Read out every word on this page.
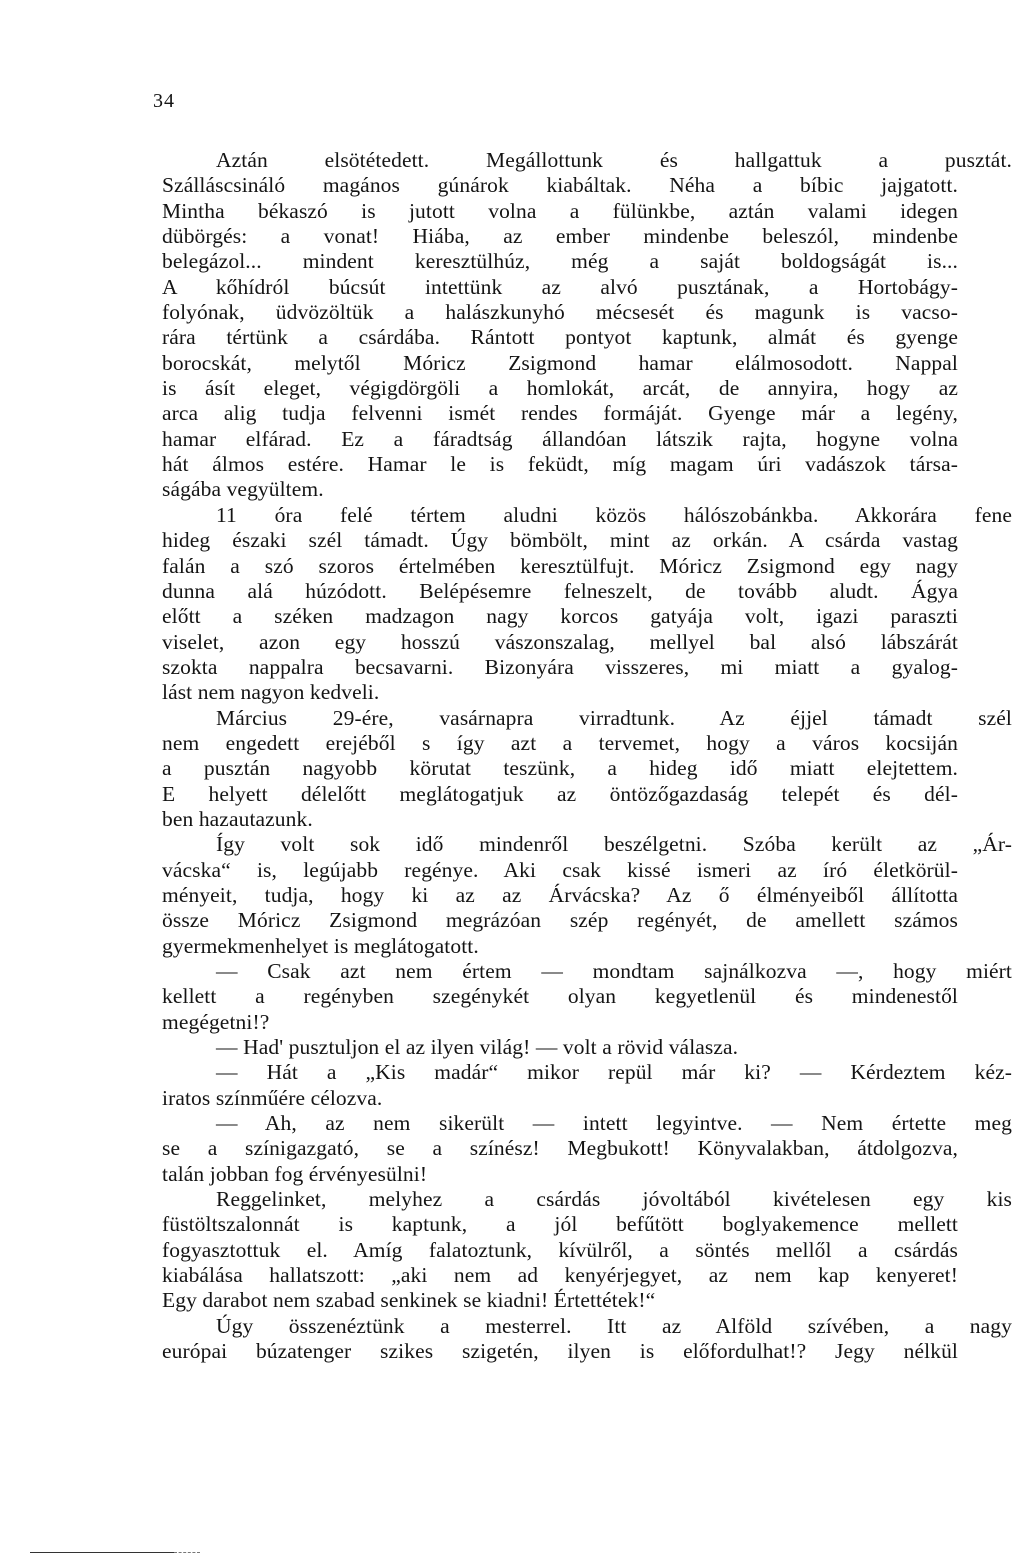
34
Aztán elsötétedett. Megállottunk és hallgattuk a pusztát.
Szálláscsináló magános gúnárok kiabáltak. Néha a bíbic jajgatott.
Mintha békaszó is jutott volna a fülünkbe, aztán valami idegen
dübörgés: a vonat! Hiába, az ember mindenbe beleszól, mindenbe
belegázol... mindent keresztülhúz, még a saját boldogságát is...
A kőhídról búcsút intettünk az alvó pusztának, a Hortobágy-
folyónak, üdvözöltük a halászkunyhó mécsesét és magunk is vacso-
rára tértünk a csárdába. Rántott pontyot kaptunk, almát és gyenge
borocskát, melytől Móricz Zsigmond hamar elálmosodott. Nappal
is ásít eleget, végigdörgöli a homlokát, arcát, de annyira, hogy az
arca alig tudja felvenni ismét rendes formáját. Gyenge már a legény,
hamar elfárad. Ez a fáradtság állandóan látszik rajta, hogyne volna
hát álmos estére. Hamar le is feküdt, míg magam úri vadászok társa-
ságába vegyültem.
11 óra felé tértem aludni közös hálószobánkba. Akkorára fene
hideg északi szél támadt. Úgy bömbölt, mint az orkán. A csárda vastag
falán a szó szoros értelmében keresztülfujt. Móricz Zsigmond egy nagy
dunna alá húzódott. Belépésemre felneszelt, de tovább aludt. Ágya
előtt a széken madzagon nagy korcos gatyája volt, igazi paraszti
viselet, azon egy hosszú vászonszalag, mellyel bal alsó lábszárát
szokta nappalra becsavarni. Bizonyára visszeres, mi miatt a gyalog-
lást nem nagyon kedveli.
Március 29-ére, vasárnapra virradtunk. Az éjjel támadt szél
nem engedett erejéből s így azt a tervemet, hogy a város kocsiján
a pusztán nagyobb körutat teszünk, a hideg idő miatt elejtettem.
E helyett délelőtt meglátogatjuk az öntözőgazdaság telepét és dél-
ben hazautazunk.
Így volt sok idő mindenről beszélgetni. Szóba került az „Ár-
vácska“ is, legújabb regénye. Aki csak kissé ismeri az író életkörül-
ményeit, tudja, hogy ki az az Árvácska? Az ő élményeiből állította
össze Móricz Zsigmond megrázóan szép regényét, de amellett számos
gyermekmenhelyet is meglátogatott.
— Csak azt nem értem — mondtam sajnálkozva —, hogy miért
kellett a regényben szegénykét olyan kegyetlenül és mindenestől
megégetni!?
— Had' pusztuljon el az ilyen világ! — volt a rövid válasza.
— Hát a „Kis madár“ mikor repül már ki? — Kérdeztem kéz-
iratos színműére célozva.
— Ah, az nem sikerült — intett legyintve. — Nem értette meg
se a színigazgató, se a színész! Megbukott! Könyvalakban, átdolgozva,
talán jobban fog érvényesülni!
Reggelinket, melyhez a csárdás jóvoltából kivételesen egy kis
füstöltszalonnát is kaptunk, a jól befűtött boglyakemence mellett
fogyasztottuk el. Amíg falatoztunk, kívülről, a söntés mellől a csárdás
kiabálása hallatszott: „aki nem ad kenyérjegyet, az nem kap kenyeret!
Egy darabot nem szabad senkinek se kiadni! Értettétek!“
Úgy összenéztünk a mesterrel. Itt az Alföld szívében, a nagy
európai búzatenger szikes szigetén, ilyen is előfordulhat!? Jegy nélkül
